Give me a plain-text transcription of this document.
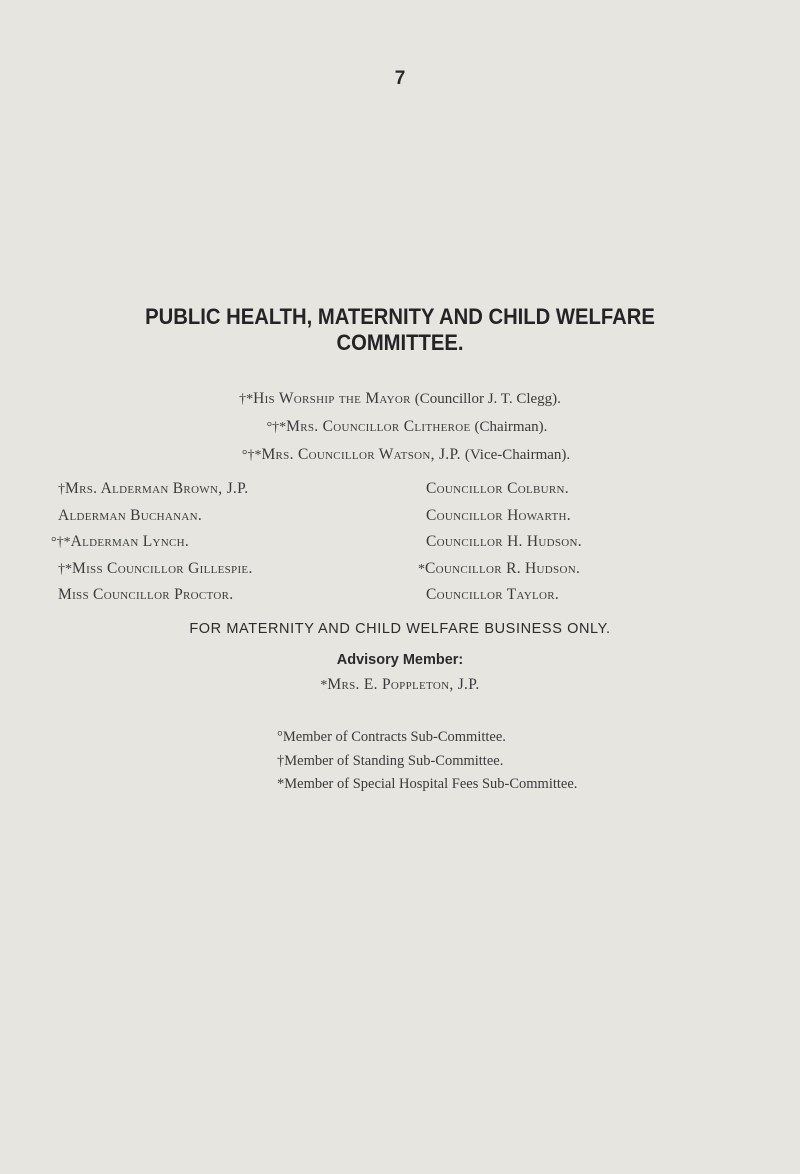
7
PUBLIC HEALTH, MATERNITY AND CHILD WELFARE
COMMITTEE.
†*His Worship the Mayor (Councillor J. T. Clegg).
°†*Mrs. Councillor Clitheroe (Chairman).
°†*Mrs. Councillor Watson, J.P. (Vice-Chairman).
†Mrs. Alderman Brown, J.P.
Alderman Buchanan.
°†*Alderman Lynch.
†*Miss Councillor Gillespie.
Miss Councillor Proctor.
Councillor Colburn.
Councillor Howarth.
Councillor H. Hudson.
*Councillor R. Hudson.
Councillor Taylor.
FOR MATERNITY AND CHILD WELFARE BUSINESS ONLY.
Advisory Member:
*Mrs. E. Poppleton, J.P.
°Member of Contracts Sub-Committee.
†Member of Standing Sub-Committee.
*Member of Special Hospital Fees Sub-Committee.
